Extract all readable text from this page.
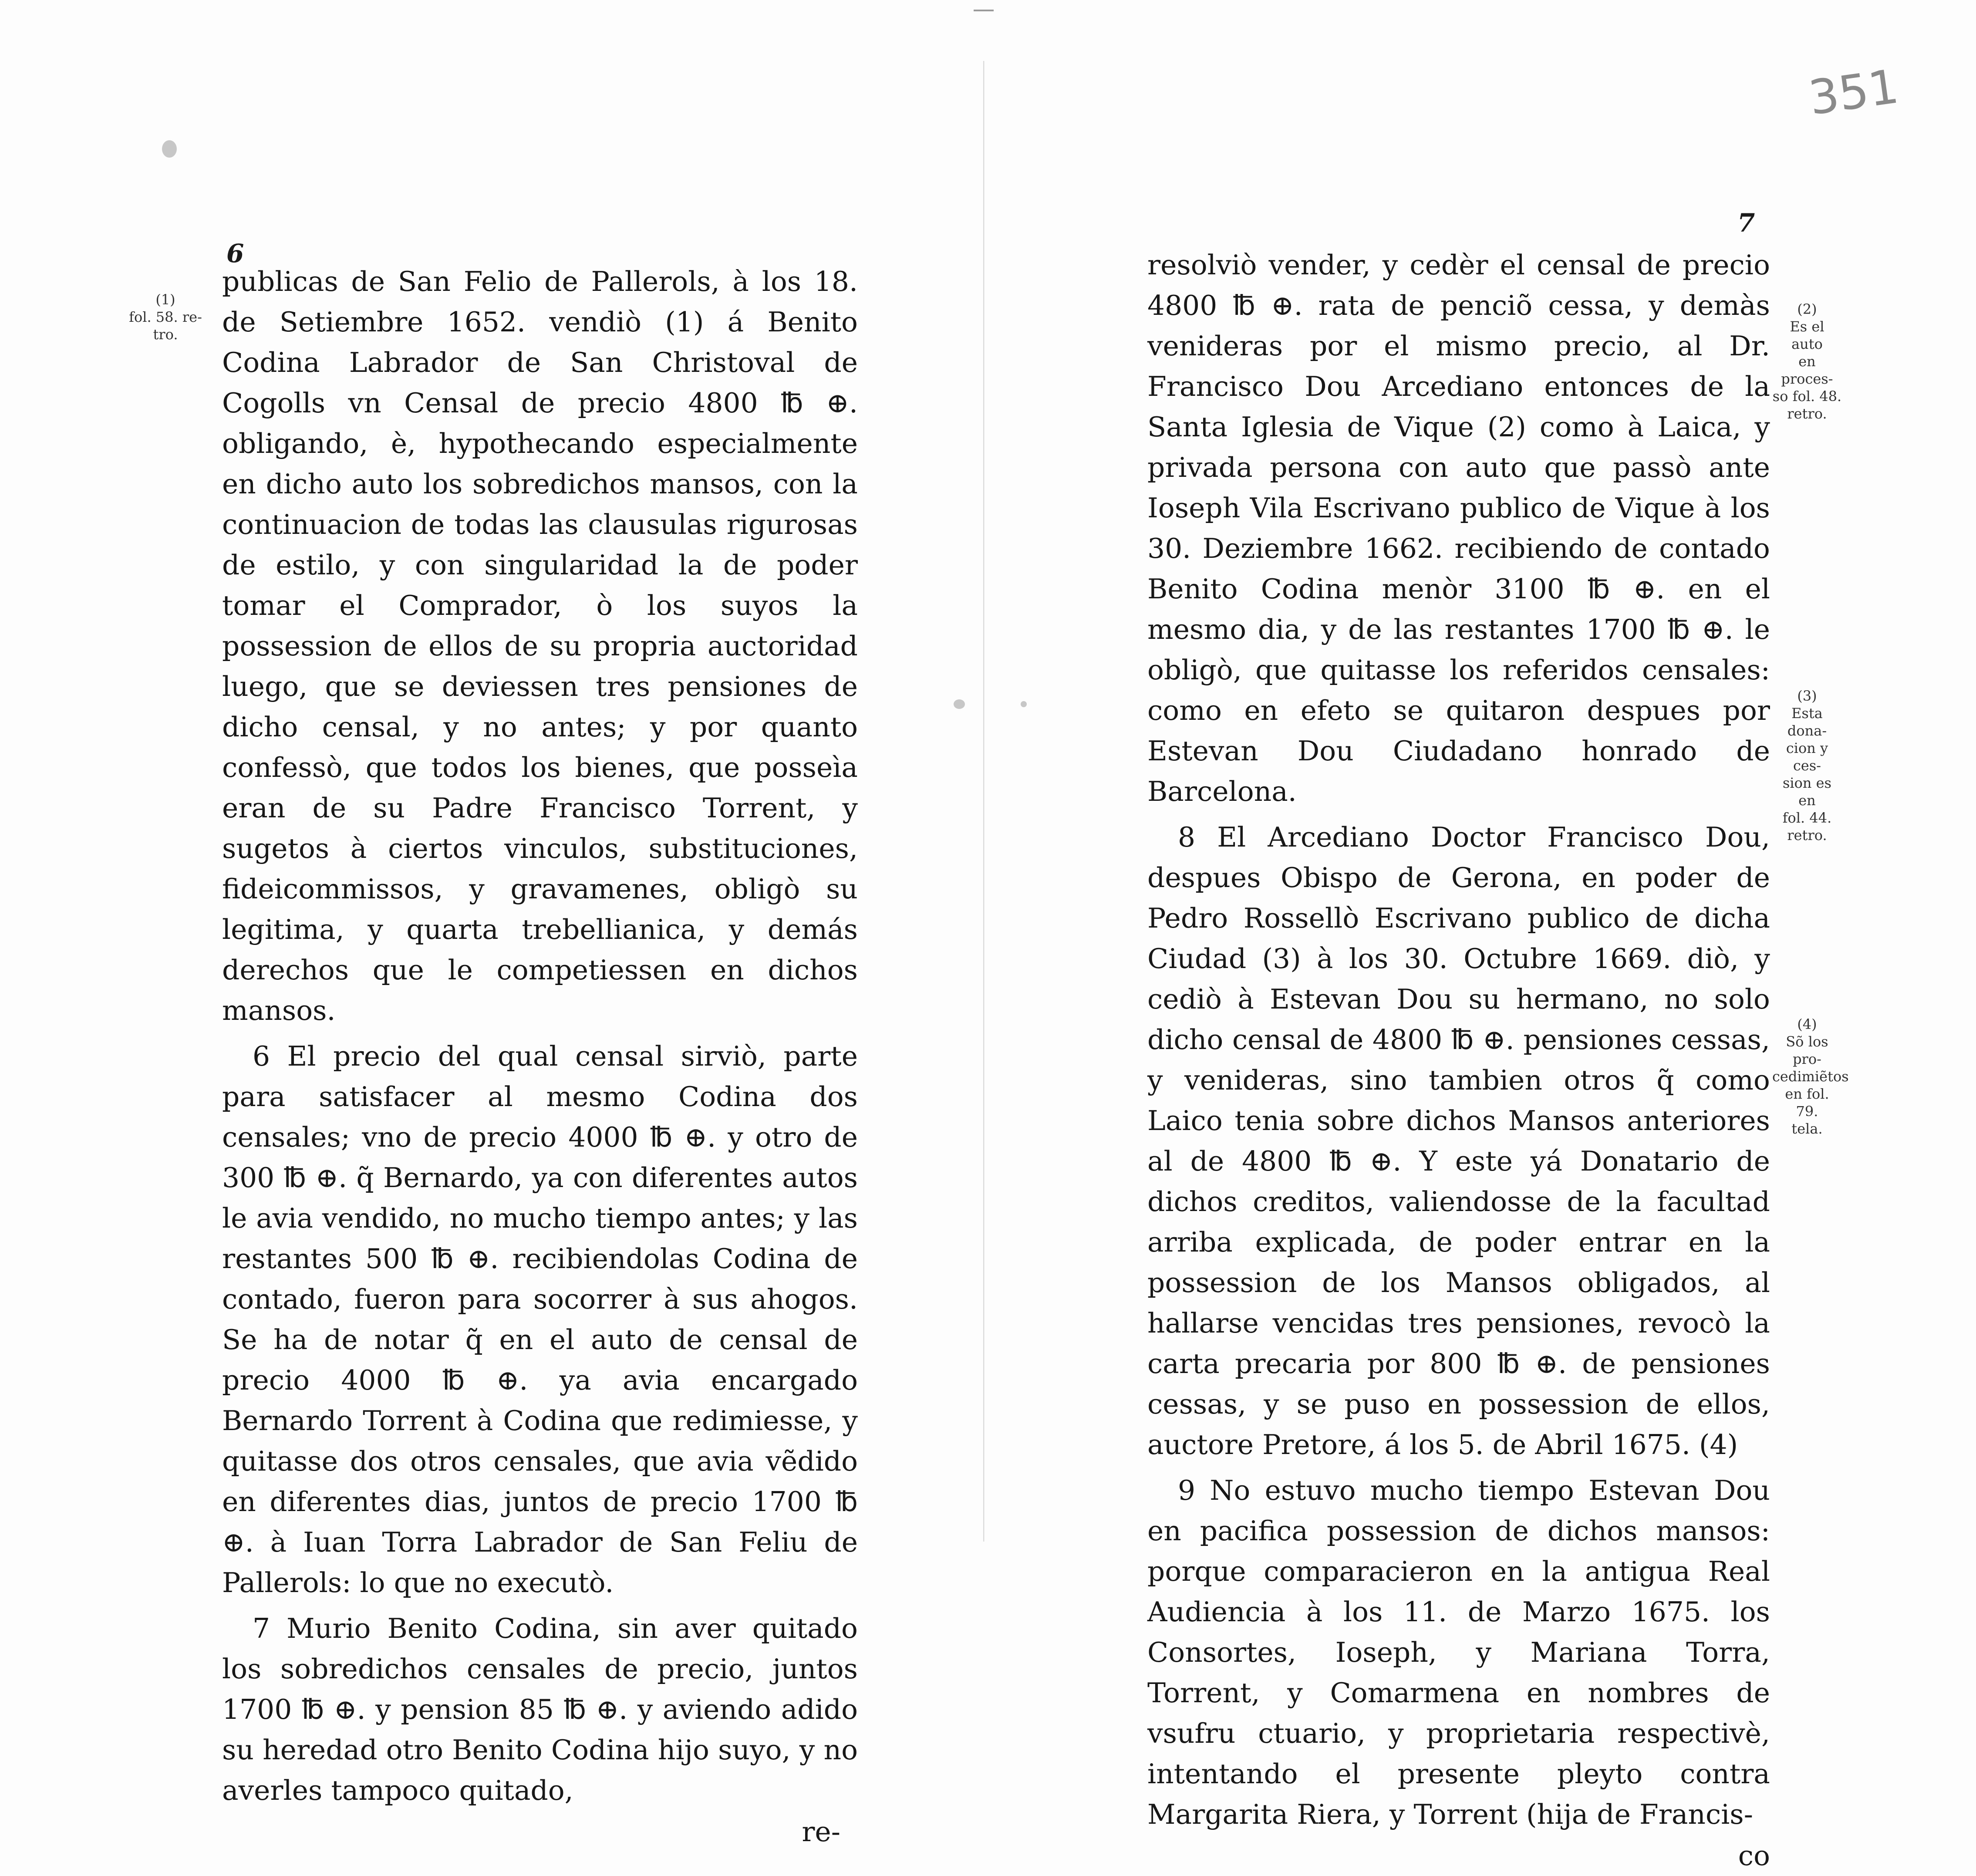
6
(1)
fol. 58. re-
tro.

publicas de San Felio de Pallerols, à los 18. de Setiembre 1652. vendiò (1) á Benito Codina Labrador de San Christoval de Cogolls vn Censal de precio 4800 ℔ ⊕. obligando, è, hypothecando especialmente en dicho auto los sobredichos mansos, con la continuacion de todas las clausulas rigurosas de estilo, y con singularidad la de poder tomar el Comprador, ò los suyos la possession de ellos de su propria auctoridad luego, que se deviessen tres pensiones de dicho censal, y no antes; y por quanto confessò, que todos los bienes, que posseìa eran de su Padre Francisco Torrent, y sugetos à ciertos vinculos, substituciones, fideicommissos, y gravamenes, obligò su legitima, y quarta trebellianica, y demás derechos que le competiessen en dichos mansos.

6 El precio del qual censal sirviò, parte para satisfacer al mesmo Codina dos censales; vno de precio 4000 ℔ ⊕. y otro de 300 ℔ ⊕. q̃ Bernardo, ya con diferentes autos le avia vendido, no mucho tiempo antes; y las restantes 500 ℔ ⊕. recibiendolas Codina de contado, fueron para socorrer à sus ahogos. Se ha de notar q̃ en el auto de censal de precio 4000 ℔ ⊕. ya avia encargado Bernardo Torrent à Codina que redimiesse, y quitasse dos otros censales, que avia vẽdido en diferentes dias, juntos de precio 1700 ℔ ⊕. à Iuan Torra Labrador de San Feliu de Pallerols: lo que no executò.

7 Murio Benito Codina, sin aver quitado los sobredichos censales de precio, juntos 1700 ℔ ⊕. y pension 85 ℔ ⊕. y aviendo adido su heredad otro Benito Codina hijo suyo, y no averles tampoco quitado,

re-

351
7
(2)
Es el auto
en proces-
so fol. 48.
retro.
(3)
Esta dona-
cion y ces-
sion es en
fol. 44.
retro.
(4)
Sõ los pro-
cedimiẽtos
en fol. 79.
tela.

resolviò vender, y cedèr el censal de precio 4800 ℔ ⊕. rata de penciõ cessa, y demàs venideras por el mismo precio, al Dr. Francisco Dou Arcediano entonces de la Santa Iglesia de Vique (2) como à Laica, y privada persona con auto que passò ante Ioseph Vila Escrivano publico de Vique à los 30. Deziembre 1662. recibiendo de contado Benito Codina menòr 3100 ℔ ⊕. en el mesmo dia, y de las restantes 1700 ℔ ⊕. le obligò, que quitasse los referidos censales: como en efeto se quitaron despues por Estevan Dou Ciudadano honrado de Barcelona.

8 El Arcediano Doctor Francisco Dou, despues Obispo de Gerona, en poder de Pedro Rossellò Escrivano publico de dicha Ciudad (3) à los 30. Octubre 1669. diò, y cediò à Estevan Dou su hermano, no solo dicho censal de 4800 ℔ ⊕. pensiones cessas, y venideras, sino tambien otros q̃ como Laico tenia sobre dichos Mansos anteriores al de 4800 ℔ ⊕. Y este yá Donatario de dichos creditos, valiendosse de la facultad arriba explicada, de poder entrar en la possession de los Mansos obligados, al hallarse vencidas tres pensiones, revocò la carta precaria por 800 ℔ ⊕. de pensiones cessas, y se puso en possession de ellos, auctore Pretore, á los 5. de Abril 1675. (4)

9 No estuvo mucho tiempo Estevan Dou en pacifica possession de dichos mansos: porque comparacieron en la antigua Real Audiencia à los 11. de Marzo 1675. los Consortes, Ioseph, y Mariana Torra, Torrent, y Comarmena en nombres de vsufru ctuario, y proprietaria respectivè, intentando el presente pleyto contra Margarita Riera, y Torrent (hija de Francis-

co
